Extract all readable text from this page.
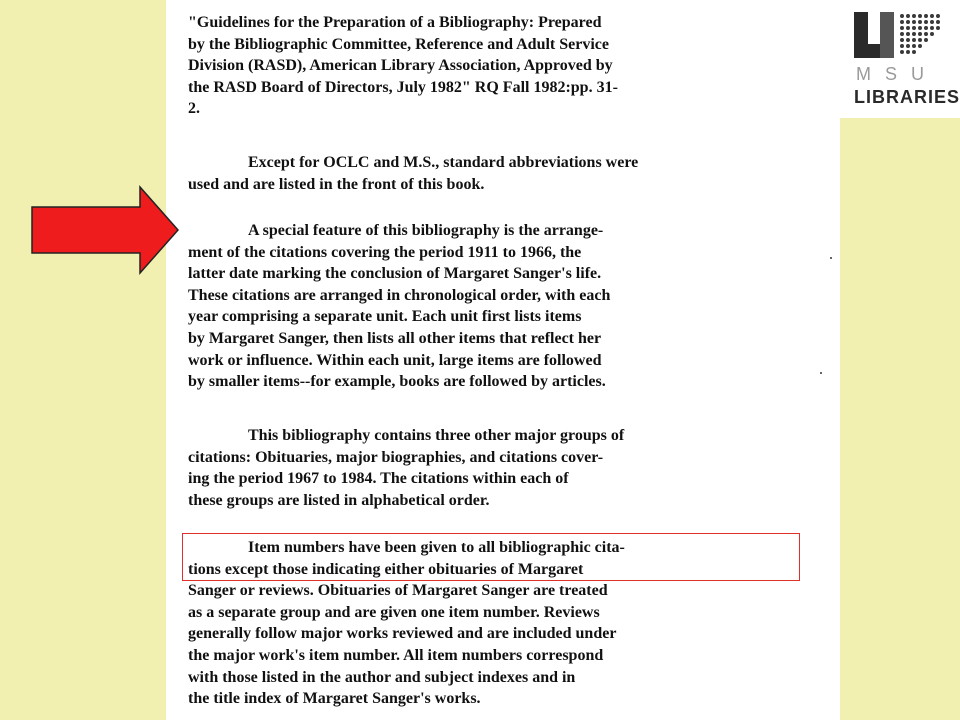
MSU
LIBRARIES
"Guidelines for the Preparation of a Bibliography: Prepared
by the Bibliographic Committee, Reference and Adult Service
Division (RASD), American Library Association, Approved by
the RASD Board of Directors, July 1982" RQ Fall 1982:pp. 31-
2.
Except for OCLC and M.S., standard abbreviations were
used and are listed in the front of this book.
A special feature of this bibliography is the arrange-
ment of the citations covering the period 1911 to 1966, the
latter date marking the conclusion of Margaret Sanger's life.
These citations are arranged in chronological order, with each
year comprising a separate unit. Each unit first lists items
by Margaret Sanger, then lists all other items that reflect her
work or influence. Within each unit, large items are followed
by smaller items--for example, books are followed by articles.
This bibliography contains three other major groups of
citations: Obituaries, major biographies, and citations cover-
ing the period 1967 to 1984. The citations within each of
these groups are listed in alphabetical order.
Item numbers have been given to all bibliographic cita-
tions except those indicating either obituaries of Margaret
Sanger or reviews. Obituaries of Margaret Sanger are treated
as a separate group and are given one item number. Reviews
generally follow major works reviewed and are included under
the major work's item number. All item numbers correspond
with those listed in the author and subject indexes and in
the title index of Margaret Sanger's works.
